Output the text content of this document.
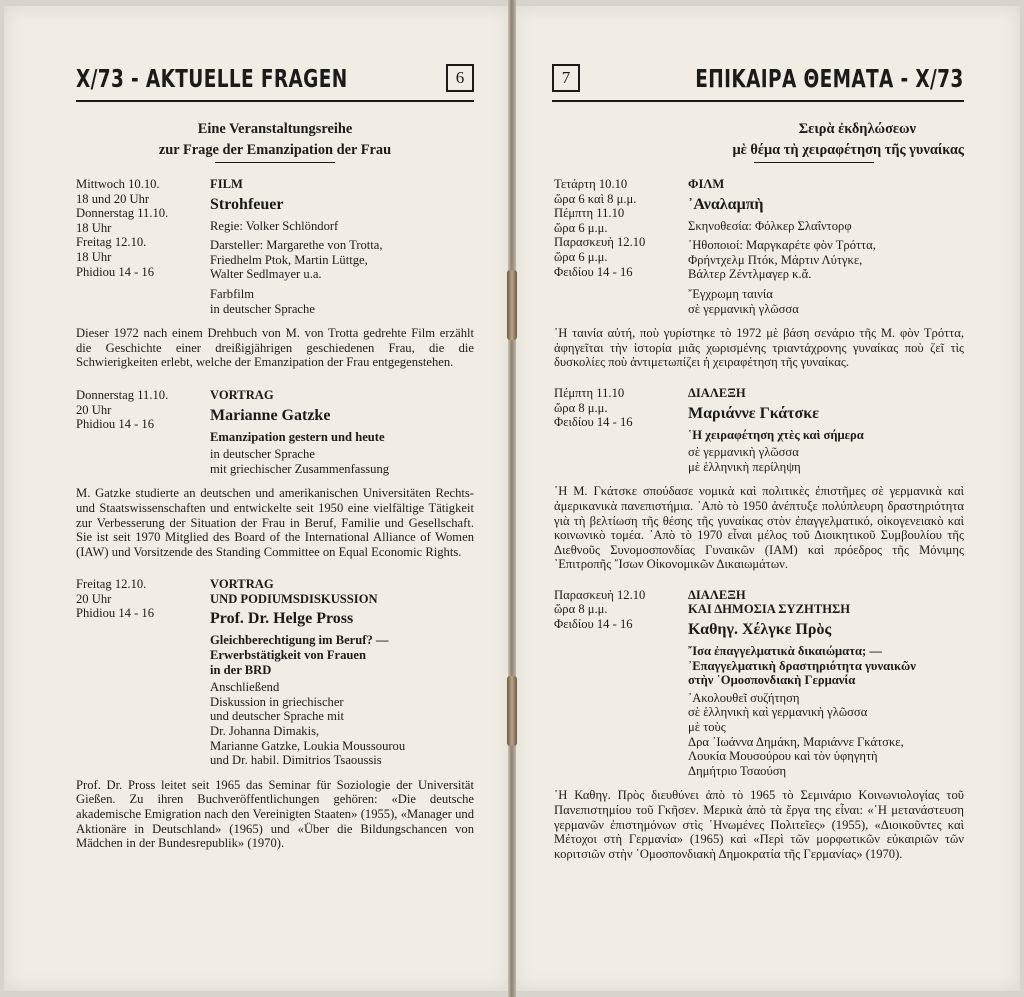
X/73 - AKTUELLE FRAGEN	6
Eine Veranstaltungsreihe
zur Frage der Emanzipation der Frau
Mittwoch 10.10.
18 und 20 Uhr
Donnerstag 11.10.
18 Uhr
Freitag 12.10.
18 Uhr
Phidiou 14 - 16
FILM
Strohfeuer
Regie: Volker Schlöndorf
Darsteller: Margarethe von Trotta,
Friedhelm Ptok, Martin Lüttge,
Walter Sedlmayer u.a.
Farbfilm
in deutscher Sprache

Dieser 1972 nach einem Drehbuch von M. von Trotta gedrehte Film erzählt die Geschichte einer dreißigjährigen geschiedenen Frau, die die Schwierigkeiten erlebt, welche der Emanzipation der Frau entgegenstehen.

Donnerstag 11.10.
20 Uhr
Phidiou 14 - 16
VORTRAG
Marianne Gatzke
Emanzipation gestern und heute
in deutscher Sprache
mit griechischer Zusammenfassung

M. Gatzke studierte an deutschen und amerikanischen Universitäten Rechts- und Staatswissenschaften und entwickelte seit 1950 eine vielfältige Tätigkeit zur Verbesserung der Situation der Frau in Beruf, Familie und Gesellschaft. Sie ist seit 1970 Mitglied des Board of the International Alliance of Women (IAW) und Vorsitzende des Standing Committee on Equal Economic Rights.

Freitag 12.10.
20 Uhr
Phidiou 14 - 16
VORTRAG
UND PODIUMSDISKUSSION
Prof. Dr. Helge Pross
Gleichberechtigung im Beruf? —
Erwerbstätigkeit von Frauen
in der BRD
Anschließend
Diskussion in griechischer
und deutscher Sprache mit
Dr. Johanna Dimakis,
Marianne Gatzke, Loukia Moussourou
und Dr. habil. Dimitrios Tsaoussis

Prof. Dr. Pross leitet seit 1965 das Seminar für Soziologie der Universität Gießen. Zu ihren Buchveröffentlichungen gehören: «Die deutsche akademische Emigration nach den Vereinigten Staaten» (1955), «Manager und Aktionäre in Deutschland» (1965) und «Über die Bildungschancen von Mädchen in der Bundesrepublik» (1970).

7	ΕΠΙΚΑΙΡΑ ΘΕΜΑΤΑ - X/73
Σειρὰ ἐκδηλώσεων
μὲ θέμα τὴ χειραφέτηση τῆς γυναίκας
Τετάρτη 10.10
ὥρα 6 καὶ 8 μ.μ.
Πέμπτη 11.10
ὥρα 6 μ.μ.
Παρασκευὴ 12.10
ὥρα 6 μ.μ.
Φειδίου 14 - 16
ΦΙΛΜ
᾿Αναλαμπὴ
Σκηνοθεσία: Φόλκερ Σλαΐντορφ
῾Ηθοποιοί: Μαργκαρέτε φὸν Τρόττα,
Φρήντχελμ Πτόκ, Μάρτιν Λύτγκε,
Βάλτερ Ζέντλμαγερ κ.ἄ.
῎Εγχρωμη ταινία
σὲ γερμανικὴ γλῶσσα

῾Η ταινία αὐτή, ποὺ γυρίστηκε τὸ 1972 μὲ βάση σενάριο τῆς Μ. φὸν Τρόττα, ἀφηγεῖται τὴν ἱστορία μιᾶς χωρισμένης τριαντάχρονης γυναίκας ποὺ ζεῖ τὶς δυσκολίες ποὺ ἀντιμετωπίζει ἡ χειραφέτηση τῆς γυναίκας.

Πέμπτη 11.10
ὥρα 8 μ.μ.
Φειδίου 14 - 16
ΔΙΑΛΕΞΗ
Μαριάννε Γκάτσκε
῾Η χειραφέτηση χτὲς καὶ σήμερα
σὲ γερμανικὴ γλῶσσα
μὲ ἑλληνικὴ περίληψη

῾Η Μ. Γκάτσκε σπούδασε νομικὰ καὶ πολιτικὲς ἐπιστῆμες σὲ γερμανικὰ καὶ ἀμερικανικὰ πανεπιστήμια. ᾿Απὸ τὸ 1950 ἀνέπτυξε πολύπλευρη δραστηριότητα γιὰ τὴ βελτίωση τῆς θέσης τῆς γυναίκας στὸν ἐπαγγελματικό, οἰκογενειακὸ καὶ κοινωνικὸ τομέα. ᾿Απὸ τὸ 1970 εἶναι μέλος τοῦ Διοικητικοῦ Συμβουλίου τῆς Διεθνοῦς Συνομοσπονδίας Γυναικῶν (ΙΑΜ) καὶ πρόεδρος τῆς Μόνιμης ᾿Επιτροπῆς ῎Ισων Οἰκονομικῶν Δικαιωμάτων.

Παρασκευὴ 12.10
ὥρα 8 μ.μ.
Φειδίου 14 - 16
ΔΙΑΛΕΞΗ
ΚΑΙ ΔΗΜΟΣΙΑ ΣΥΖΗΤΗΣΗ
Καθηγ. Χέλγκε Πρὸς
῎Ισα ἐπαγγελματικὰ δικαιώματα; —
᾿Επαγγελματικὴ δραστηριότητα γυναικῶν
στὴν ῾Ομοσπονδιακὴ Γερμανία
᾿Ακολουθεῖ συζήτηση
σὲ ἑλληνικὴ καὶ γερμανικὴ γλῶσσα
μὲ τοὺς
Δρα ᾿Ιωάννα Δημάκη, Μαριάννε Γκάτσκε,
Λουκία Μουσούρου καὶ τὸν ὑφηγητὴ
Δημήτριο Τσαούση

῾Η Καθηγ. Πρὸς διευθύνει ἀπὸ τὸ 1965 τὸ Σεμινάριο Κοινωνιολογίας τοῦ Πανεπιστημίου τοῦ Γκῆσεν. Μερικὰ ἀπὸ τὰ ἔργα της εἶναι: «῾Η μετανάστευση γερμανῶν ἐπιστημόνων στὶς ῾Ηνωμένες Πολιτεῖες» (1955), «Διοικοῦντες καὶ Μέτοχοι στὴ Γερμανία» (1965) καὶ «Περὶ τῶν μορφωτικῶν εὐκαιριῶν τῶν κοριτσιῶν στὴν ῾Ομοσπονδιακὴ Δημοκρατία τῆς Γερμανίας» (1970).
